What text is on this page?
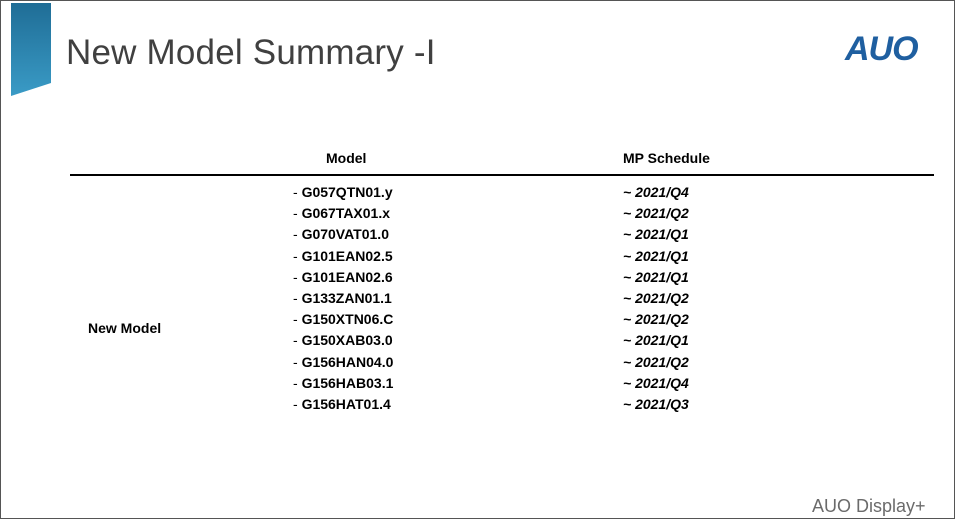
New Model Summary -I	AUO
Model	MP Schedule
New Model
- G057QTN01.y
- G067TAX01.x
- G070VAT01.0
- G101EAN02.5
- G101EAN02.6
- G133ZAN01.1
- G150XTN06.C
- G150XAB03.0
- G156HAN04.0
- G156HAB03.1
- G156HAT01.4
~ 2021/Q4
~ 2021/Q2
~ 2021/Q1
~ 2021/Q1
~ 2021/Q1
~ 2021/Q2
~ 2021/Q2
~ 2021/Q1
~ 2021/Q2
~ 2021/Q4
~ 2021/Q3
AUO Display+
